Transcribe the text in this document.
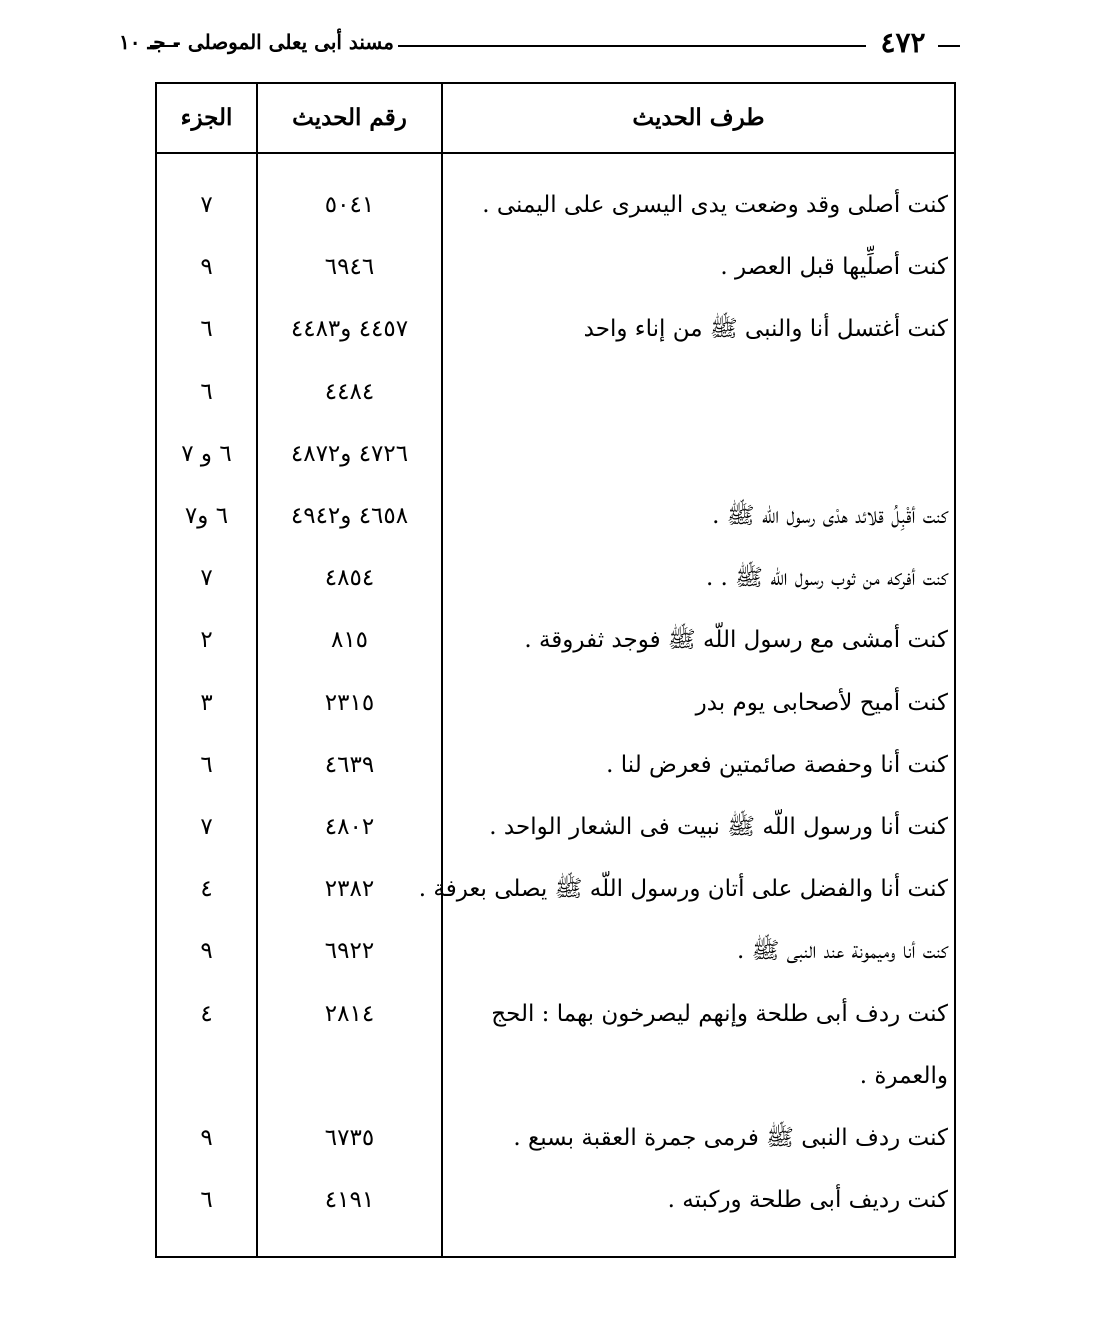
مسند أبى يعلى الموصلى - جـ ١٠	٤٧٢
الجزء	رقم الحديث	طرف الحديث
٧	٥٠٤١	كنت أصلى وقد وضعت يدى اليسرى على اليمنى .
٩	٦٩٤٦	كنت أصلِّيها قبل العصر .
٦	٤٤٥٧ و٤٤٨٣	كنت أغتسل أنا والنبى ﷺ من إناء واحد
٦	٤٤٨٤
٦ و ٧	٤٧٢٦ و٤٨٧٢
٦ و٧	٤٦٥٨ و٤٩٤٢	كنت أقْبِلُ قلائد هدْى رسول اللّه ﷺ .
٧	٤٨٥٤	كنت أفركه من ثوب رسول اللّه ﷺ . .
٢	٨١٥	كنت أمشى مع رسول اللّه ﷺ فوجد ثفروقة .
٣	٢٣١٥	كنت أميح لأصحابى يوم بدر
٦	٤٦٣٩	كنت أنا وحفصة صائمتين فعرض لنا .
٧	٤٨٠٢	كنت أنا ورسول اللّه ﷺ نبيت فى الشعار الواحد .
٤	٢٣٨٢	كنت أنا والفضل على أتان ورسول اللّه ﷺ يصلى بعرفة .
٩	٦٩٢٢	كنت أنا وميمونة عند النبى ﷺ .
٤	٢٨١٤	كنت ردف أبى طلحة وإنهم ليصرخون بهما : الحج
والعمرة .
٩	٦٧٣٥	كنت ردف النبى ﷺ فرمى جمرة العقبة بسبع .
٦	٤١٩١	كنت رديف أبى طلحة وركبته .
